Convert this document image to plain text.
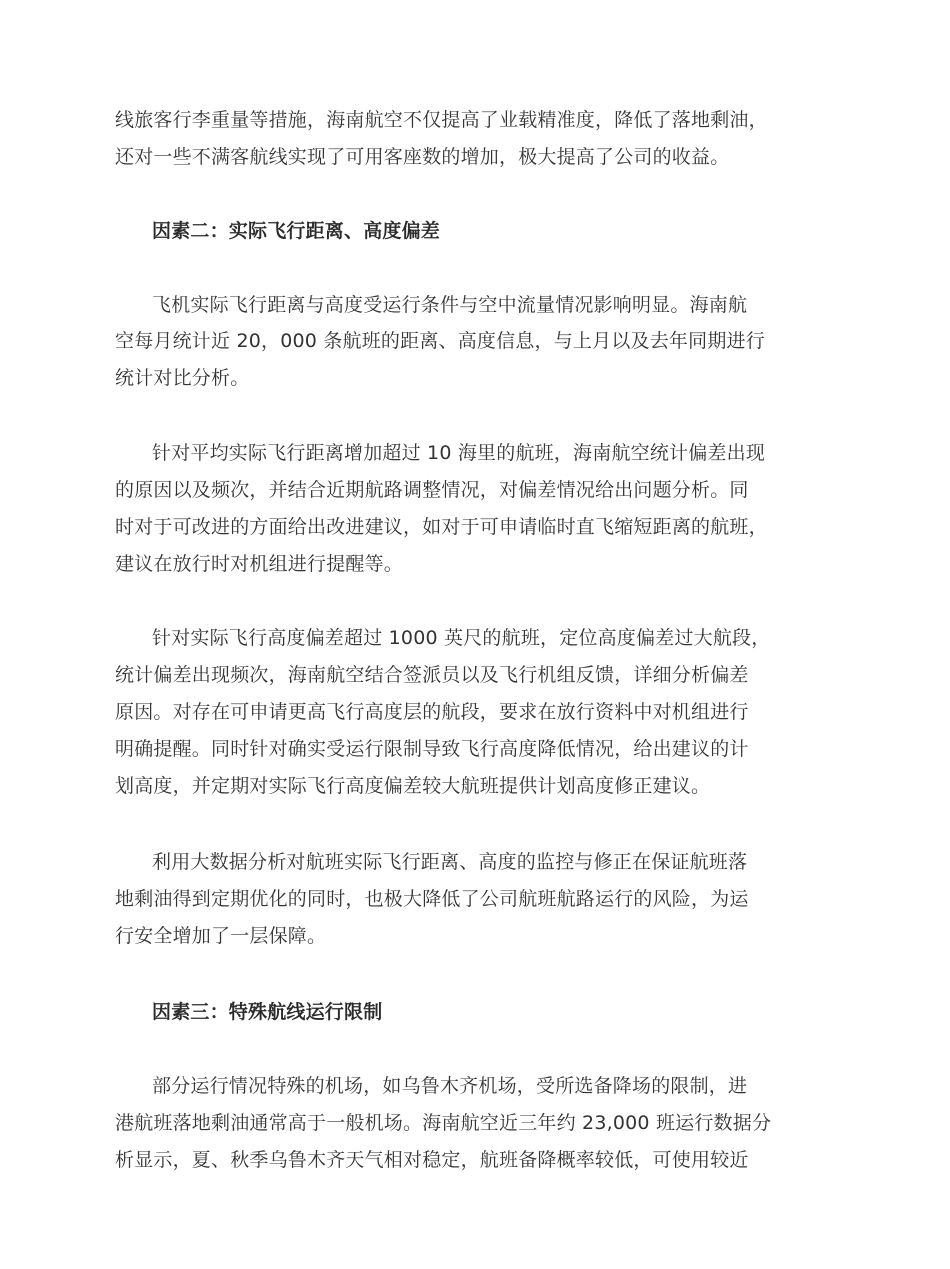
线旅客行李重量等措施，海南航空不仅提高了业载精准度，降低了落地剩油，
还对一些不满客航线实现了可用客座数的增加，极大提高了公司的收益。
因素二：实际飞行距离、高度偏差
飞机实际飞行距离与高度受运行条件与空中流量情况影响明显。海南航
空每月统计近 20，000 条航班的距离、高度信息，与上月以及去年同期进行
统计对比分析。
针对平均实际飞行距离增加超过 10 海里的航班，海南航空统计偏差出现
的原因以及频次，并结合近期航路调整情况，对偏差情况给出问题分析。同
时对于可改进的方面给出改进建议，如对于可申请临时直飞缩短距离的航班，
建议在放行时对机组进行提醒等。
针对实际飞行高度偏差超过 1000 英尺的航班，定位高度偏差过大航段，
统计偏差出现频次，海南航空结合签派员以及飞行机组反馈，详细分析偏差
原因。对存在可申请更高飞行高度层的航段，要求在放行资料中对机组进行
明确提醒。同时针对确实受运行限制导致飞行高度降低情况，给出建议的计
划高度，并定期对实际飞行高度偏差较大航班提供计划高度修正建议。
利用大数据分析对航班实际飞行距离、高度的监控与修正在保证航班落
地剩油得到定期优化的同时，也极大降低了公司航班航路运行的风险，为运
行安全增加了一层保障。
因素三：特殊航线运行限制
部分运行情况特殊的机场，如乌鲁木齐机场，受所选备降场的限制，进
港航班落地剩油通常高于一般机场。海南航空近三年约 23,000 班运行数据分
析显示，夏、秋季乌鲁木齐天气相对稳定，航班备降概率较低，可使用较近
